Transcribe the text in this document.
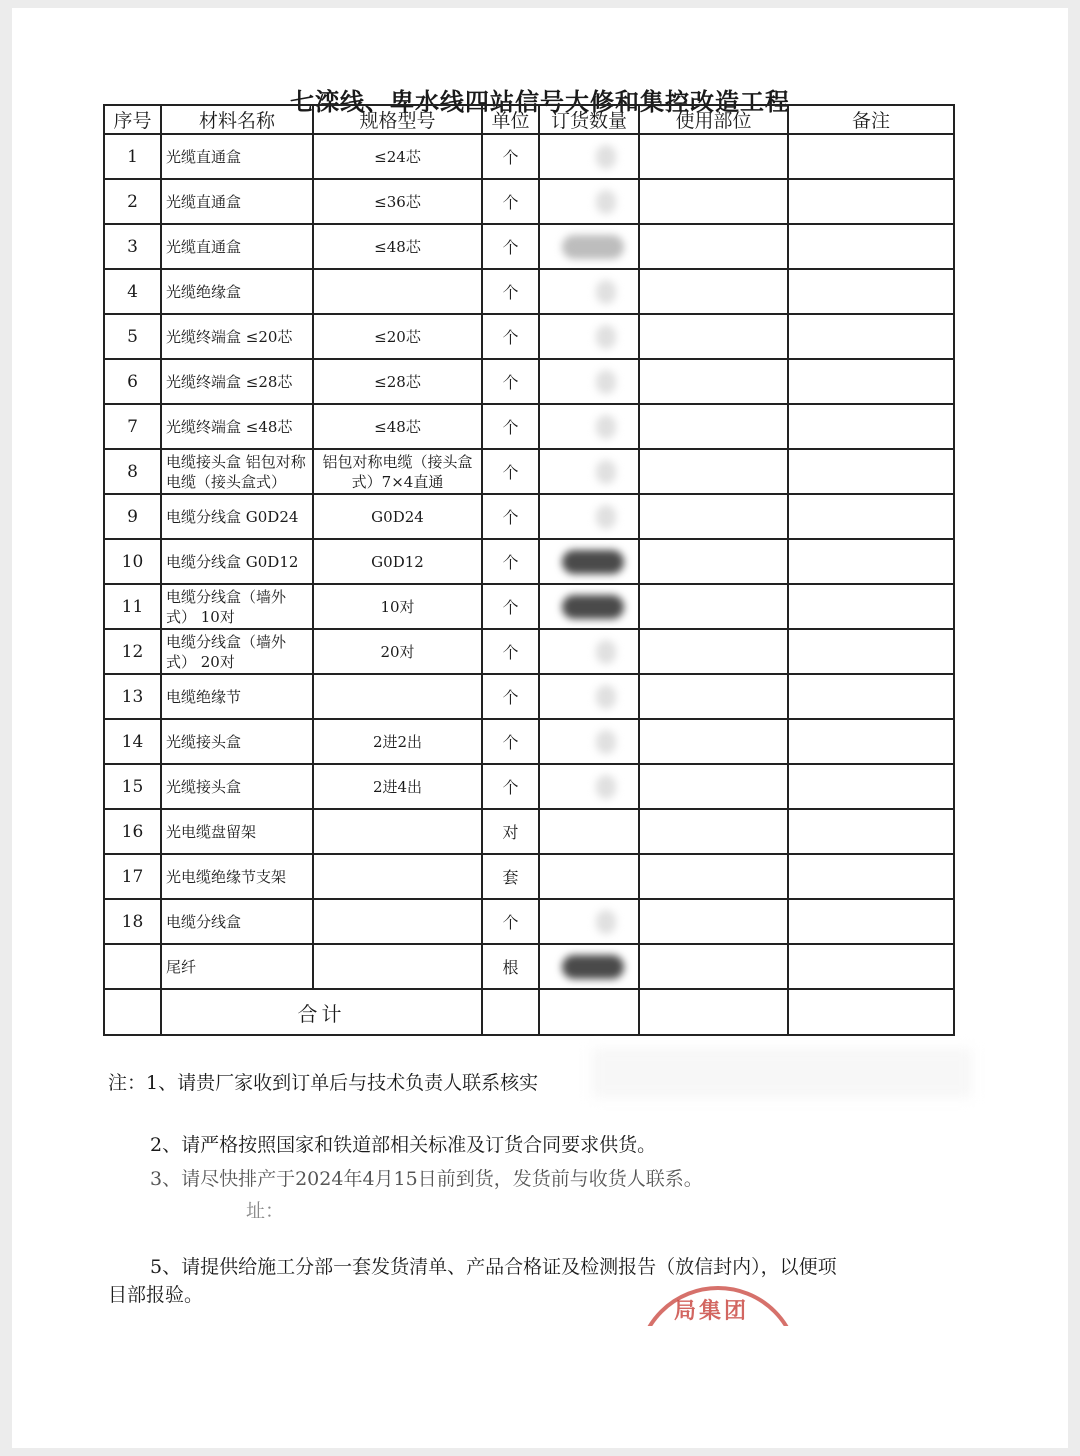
七滦线、卑水线四站信号大修和集控改造工程
序号	材料名称	规格型号	单位	订货数量	使用部位	备注
1	光缆直通盒	≤24芯	个	

2	光缆直通盒	≤36芯	个	

3	光缆直通盒	≤48芯	个	

4	光缆绝缘盒		个	

5	光缆终端盒 ≤20芯	≤20芯	个	

6	光缆终端盒 ≤28芯	≤28芯	个	

7	光缆终端盒 ≤48芯	≤48芯	个	

8	电缆接头盒 铝包对称电缆（接头盒式）	铝包对称电缆（接头盒式）7×4直通	个	

9	电缆分线盒 G0D24	G0D24	个	

10	电缆分线盒 G0D12	G0D12	个	

11	电缆分线盒（墙外式） 10对	10对	个	

12	电缆分线盒（墙外式） 20对	20对	个	

13	电缆绝缘节		个	

14	光缆接头盒	2进2出	个	

15	光缆接头盒	2进4出	个	

16	光电缆盘留架		对			
17	光电缆绝缘节支架		套			
18	电缆分线盒		个	

	尾纤		根	

	合计					
注：1、请贵厂家收到订单后与技术负责人联系核实
2、请严格按照国家和铁道部相关标准及订货合同要求供货。
3、请尽快排产于2024年4月15日前到货，发货前与收货人联系。
址：
5、请提供给施工分部一套发货清单、产品合格证及检测报告（放信封内），以便项
目部报验。
局集团
